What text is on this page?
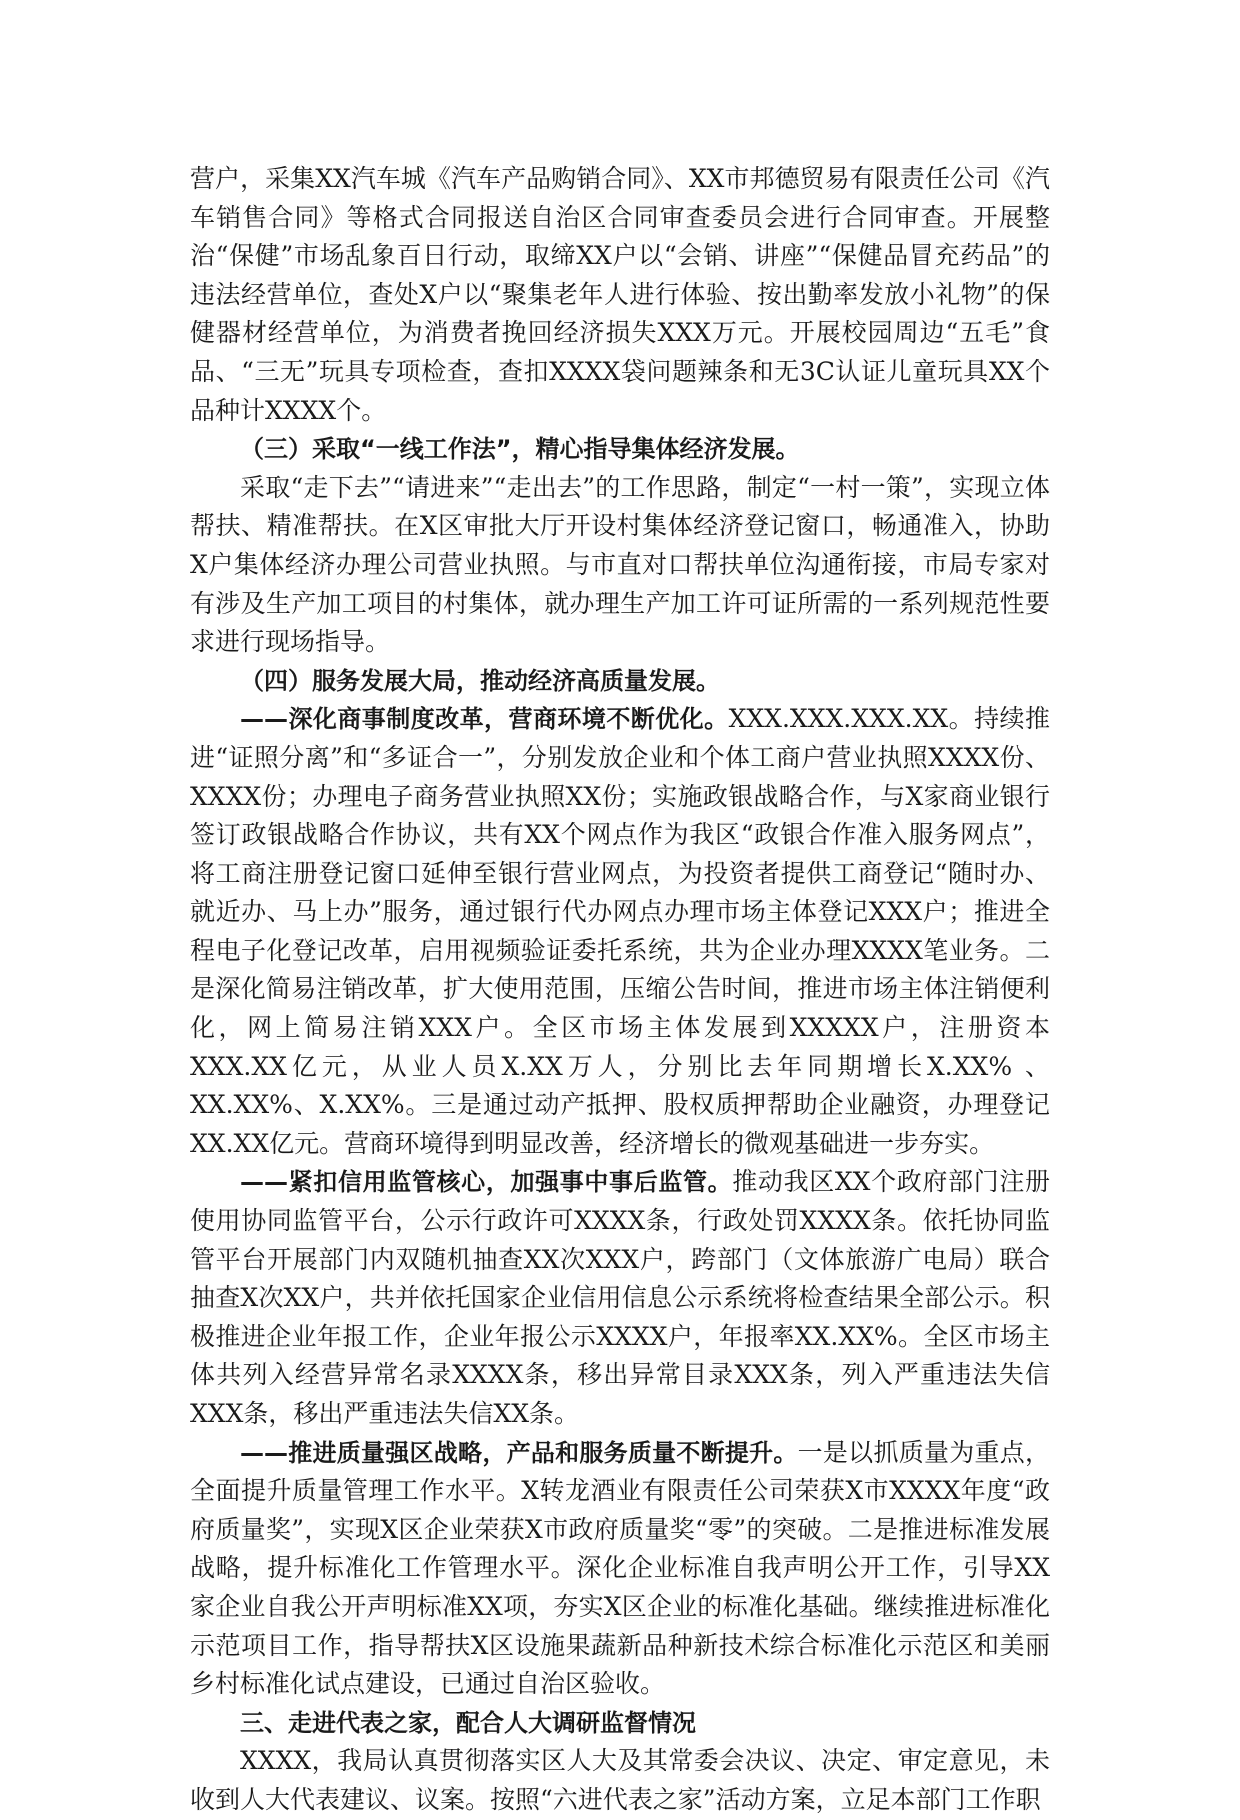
营户，采集XX汽车城《汽车产品购销合同》、XX市邦德贸易有限责任公司《汽车销售合同》等格式合同报送自治区合同审查委员会进行合同审查。开展整治“保健”市场乱象百日行动，取缔XX户以“会销、讲座”“保健品冒充药品”的违法经营单位，查处X户以“聚集老年人进行体验、按出勤率发放小礼物”的保健器材经营单位，为消费者挽回经济损失XXX万元。开展校园周边“五毛”食品、“三无”玩具专项检查，查扣XXXX袋问题辣条和无3C认证儿童玩具XX个品种计XXXX个。

（三）采取“一线工作法”，精心指导集体经济发展。

采取“走下去”“请进来”“走出去”的工作思路，制定“一村一策”，实现立体帮扶、精准帮扶。在X区审批大厅开设村集体经济登记窗口，畅通准入，协助X户集体经济办理公司营业执照。与市直对口帮扶单位沟通衔接，市局专家对有涉及生产加工项目的村集体，就办理生产加工许可证所需的一系列规范性要求进行现场指导。

（四）服务发展大局，推动经济高质量发展。

——深化商事制度改革，营商环境不断优化。XXX.XXX.XXX.XX。持续推进“证照分离”和“多证合一”，分别发放企业和个体工商户营业执照XXXX份、XXXX份；办理电子商务营业执照XX份；实施政银战略合作，与X家商业银行签订政银战略合作协议，共有XX个网点作为我区“政银合作准入服务网点”，将工商注册登记窗口延伸至银行营业网点，为投资者提供工商登记“随时办、就近办、马上办”服务，通过银行代办网点办理市场主体登记XXX户；推进全程电子化登记改革，启用视频验证委托系统，共为企业办理XXXX笔业务。二是深化简易注销改革，扩大使用范围，压缩公告时间，推进市场主体注销便利化，网上简易注销XXX户。全区市场主体发展到XXXXX户，注册资本XXX.XX亿元，从业人员X.XX万人，分别比去年同期增长X.XX% 、XX.XX%、X.XX%。三是通过动产抵押、股权质押帮助企业融资，办理登记XX.XX亿元。营商环境得到明显改善，经济增长的微观基础进一步夯实。

——紧扣信用监管核心，加强事中事后监管。推动我区XX个政府部门注册使用协同监管平台，公示行政许可XXXX条，行政处罚XXXX条。依托协同监管平台开展部门内双随机抽查XX次XXX户，跨部门（文体旅游广电局）联合抽查X次XX户，共并依托国家企业信用信息公示系统将检查结果全部公示。积极推进企业年报工作，企业年报公示XXXX户，年报率XX.XX%。全区市场主体共列入经营异常名录XXXX条，移出异常目录XXX条，列入严重违法失信XXX条，移出严重违法失信XX条。

——推进质量强区战略，产品和服务质量不断提升。一是以抓质量为重点，全面提升质量管理工作水平。X转龙酒业有限责任公司荣获X市XXXX年度“政府质量奖”，实现X区企业荣获X市政府质量奖“零”的突破。二是推进标准发展战略，提升标准化工作管理水平。深化企业标准自我声明公开工作，引导XX家企业自我公开声明标准XX项，夯实X区企业的标准化基础。继续推进标准化示范项目工作，指导帮扶X区设施果蔬新品种新技术综合标准化示范区和美丽乡村标准化试点建设，已通过自治区验收。

三、走进代表之家，配合人大调研监督情况

XXXX，我局认真贯彻落实区人大及其常委会决议、决定、审定意见，未收到人大代表建议、议案。按照“六进代表之家”活动方案，立足本部门工作职
